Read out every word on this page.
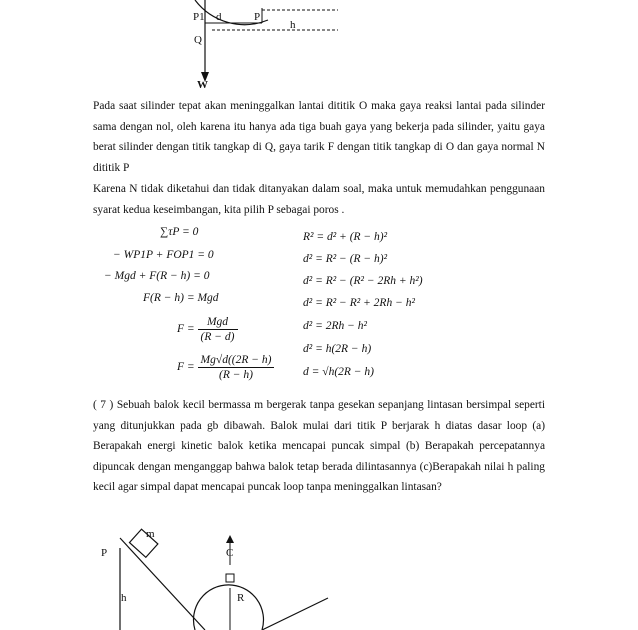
P1 d	P
h
Q
W
Pada saat silinder tepat akan meninggalkan lantai dititik O maka gaya reaksi lantai pada silinder sama dengan nol, oleh karena itu hanya ada tiga buah gaya yang bekerja pada silinder, yaitu gaya berat silinder dengan titik tangkap di Q, gaya tarik F dengan titik tangkap di O dan gaya normal N dititik P
Karena N tidak diketahui dan tidak ditanyakan dalam soal, maka untuk memudahkan penggunaan syarat kedua keseimbangan, kita pilih P sebagai poros .
∑τP = 0
− WP1P + FOP1 = 0
− Mgd + F(R − h) = 0
F(R − h) = Mgd
$F = \frac{\text{Mgd}}{(R - d)}$
$F = \frac{Mg√d((2R - h)}{(R - h)}$
R² = d² + (R − h)²
d² = R² − (R − h)²
d² = R² − (R² − 2Rh + h²)
d² = R² − R² + 2Rh − h²
d² = 2Rh − h²
d² = h(2R − h)
d = √h(2R − h)
( 7 ) Sebuah balok kecil bermassa m bergerak tanpa gesekan sepanjang lintasan bersimpal seperti yang ditunjukkan pada gb dibawah. Balok mulai dari titik P berjarak h diatas dasar loop (a) Berapakah energi kinetic balok ketika mencapai puncak simpal (b) Berapakah percepatannya dipuncak dengan menganggap bahwa balok tetap berada dilintasannya (c)Berapakah nilai h paling kecil agar simpal dapat mencapai puncak loop tanpa meninggalkan lintasan?
m
P
h
C
R
